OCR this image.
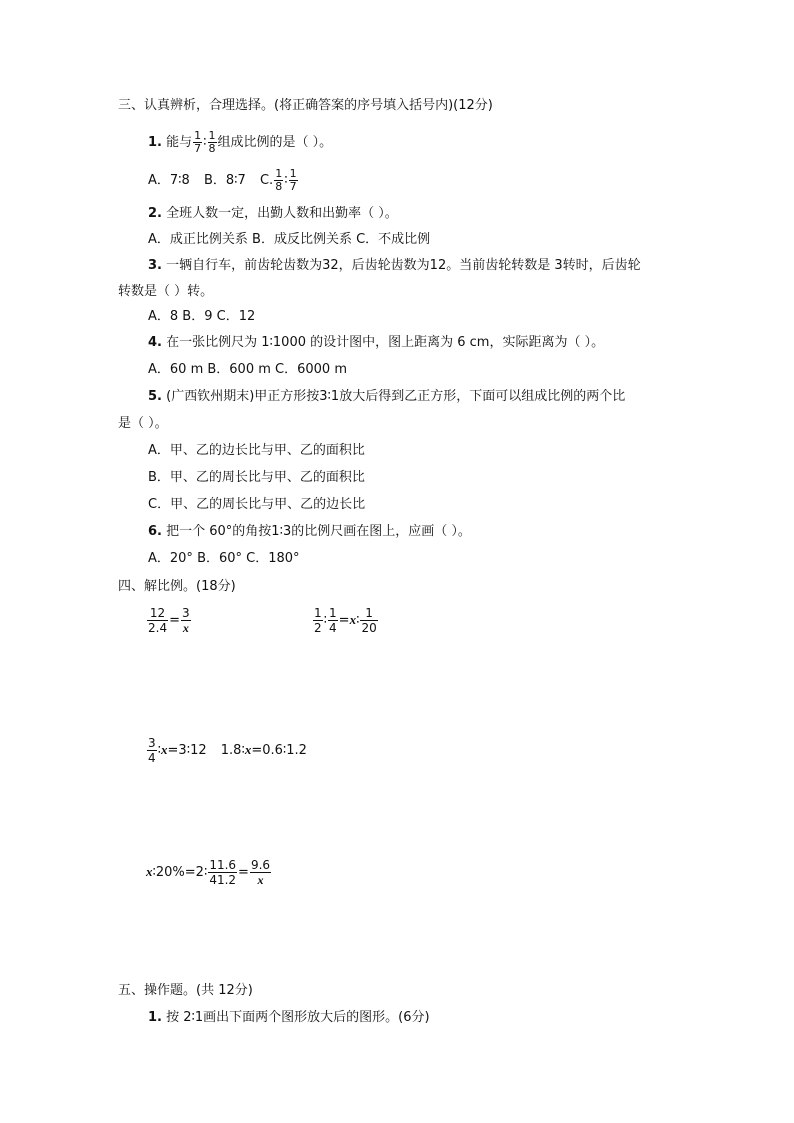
三、认真辨析，合理选择。(将正确答案的序号填入括号内)(12分)
1. 能与 $\frac{1}{7}$ ∶ $\frac{1}{8}$ 组成比例的是（ ）。
A．7∶8 B．8∶7 C. $\frac{1}{8}$ ∶ $\frac{1}{7}$
2. 全班人数一定，出勤人数和出勤率（ ）。
A．成正比例关系 B．成反比例关系 C．不成比例
3. 一辆自行车，前齿轮齿数为32，后齿轮齿数为12。当前齿轮转数是 3转时，后齿轮
转数是（ ）转。
A．8 B．9 C．12
4. 在一张比例尺为 1∶1000 的设计图中，图上距离为 6 cm，实际距离为（ ）。
A．60 m B．600 m C．6000 m
5. (广西钦州期末)甲正方形按3∶1放大后得到乙正方形，下面可以组成比例的两个比
是（ ）。
A．甲、乙的边长比与甲、乙的面积比
B．甲、乙的周长比与甲、乙的面积比
C．甲、乙的周长比与甲、乙的边长比
6. 把一个 60°的角按1∶3的比例尺画在图上，应画（ ）。
A．20° B．60° C．180°
四、解比例。(18分)
$\frac{12}{2.4} = \frac{3}{x}$	$\frac{1}{2}$ ∶ $\frac{1}{4}$ =x∶ $\frac{1}{20}$
$\frac{3}{4}$ ∶x=3∶12 1.8∶x=0.6∶1.2
x∶20%=2∶ $\frac{11.6}{41.2} = \frac{9.6}{x}$
五、操作题。(共 12分)
1. 按 2∶1画出下面两个图形放大后的图形。(6分)
